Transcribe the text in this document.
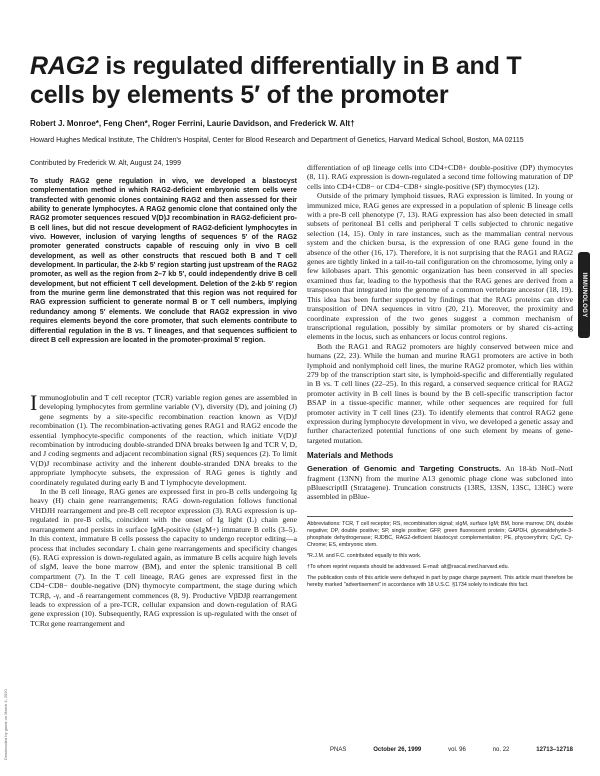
RAG2 is regulated differentially in B and T cells by elements 5′ of the promoter
Robert J. Monroe*, Feng Chen*, Roger Ferrini, Laurie Davidson, and Frederick W. Alt†
Howard Hughes Medical Institute, The Children's Hospital, Center for Blood Research and Department of Genetics, Harvard Medical School, Boston, MA 02115
Contributed by Frederick W. Alt, August 24, 1999

To study RAG2 gene regulation in vivo, we developed a blastocyst complementation method in which RAG2-deficient embryonic stem cells were transfected with genomic clones containing RAG2 and then assessed for their ability to generate lymphocytes. A RAG2 genomic clone that contained only the RAG2 promoter sequences rescued V(D)J recombination in RAG2-deficient pro-B cell lines, but did not rescue development of RAG2-deficient lymphocytes in vivo. However, inclusion of varying lengths of sequences 5′ of the RAG2 promoter generated constructs capable of rescuing only in vivo B cell development, as well as other constructs that rescued both B and T cell development. In particular, the 2-kb 5′ region starting just upstream of the RAG2 promoter, as well as the region from 2–7 kb 5′, could independently drive B cell development, but not efficient T cell development. Deletion of the 2-kb 5′ region from the murine germ line demonstrated that this region was not required for RAG expression sufficient to generate normal B or T cell numbers, implying redundancy among 5′ elements. We conclude that RAG2 expression in vivo requires elements beyond the core promoter, that such elements contribute to differential regulation in the B vs. T lineages, and that sequences sufficient to direct B cell expression are located in the promoter-proximal 5′ region.

Immunoglobulin and T cell receptor (TCR) variable region genes are assembled in developing lymphocytes from germline variable (V), diversity (D), and joining (J) gene segments by a site-specific recombination reaction known as V(D)J recombination (1). The recombination-activating genes RAG1 and RAG2 encode the essential lymphocyte-specific components of the reaction, which initiate V(D)J recombination by introducing double-stranded DNA breaks between Ig and TCR V, D, and J coding segments and adjacent recombination signal (RS) sequences (2). To limit V(D)J recombinase activity and the inherent double-stranded DNA breaks to the appropriate lymphocyte subsets, the expression of RAG genes is tightly and coordinately regulated during early B and T lymphocyte development.

In the B cell lineage, RAG genes are expressed first in pro-B cells undergoing Ig heavy (H) chain gene rearrangements; RAG down-regulation follows functional VHDJH rearrangement and pre-B cell receptor expression (3). RAG expression is up-regulated in pre-B cells, coincident with the onset of Ig light (L) chain gene rearrangement and persists in surface IgM-positive (sIgM+) immature B cells (3–5). In this context, immature B cells possess the capacity to undergo receptor editing—a process that includes secondary L chain gene rearrangements and specificity changes (6). RAG expression is down-regulated again, as immature B cells acquire high levels of sIgM, leave the bone marrow (BM), and enter the splenic transitional B cell compartment (7). In the T cell lineage, RAG genes are expressed first in the CD4−CD8− double-negative (DN) thymocyte compartment, the stage during which TCRβ, -γ, and -δ rearrangement commences (8, 9). Productive VβDJβ rearrangement leads to expression of a pre-TCR, cellular expansion and down-regulation of RAG gene expression (10). Subsequently, RAG expression is up-regulated with the onset of TCRα gene rearrangement and

differentiation of αβ lineage cells into CD4+CD8+ double-positive (DP) thymocytes (8, 11). RAG expression is down-regulated a second time following maturation of DP cells into CD4+CD8− or CD4−CD8+ single-positive (SP) thymocytes (12).

Outside of the primary lymphoid tissues, RAG expression is limited. In young or immunized mice, RAG genes are expressed in a population of splenic B lineage cells with a pre-B cell phenotype (7, 13). RAG expression has also been detected in small subsets of peritoneal B1 cells and peripheral T cells subjected to chronic negative selection (14, 15). Only in rare instances, such as the mammalian central nervous system and the chicken bursa, is the expression of one RAG gene found in the absence of the other (16, 17). Therefore, it is not surprising that the RAG1 and RAG2 genes are tightly linked in a tail-to-tail configuration on the chromosome, lying only a few kilobases apart. This genomic organization has been conserved in all species examined thus far, leading to the hypothesis that the RAG genes are derived from a transposon that integrated into the genome of a common vertebrate ancestor (18, 19). This idea has been further supported by findings that the RAG proteins can drive transposition of DNA sequences in vitro (20, 21). Moreover, the proximity and coordinate expression of the two genes suggest a common mechanism of transcriptional regulation, possibly by similar promoters or by shared cis-acting elements in the locus, such as enhancers or locus control regions.

Both the RAG1 and RAG2 promoters are highly conserved between mice and humans (22, 23). While the human and murine RAG1 promoters are active in both lymphoid and nonlymphoid cell lines, the murine RAG2 promoter, which lies within 279 bp of the transcription start site, is lymphoid-specific and differentially regulated in B vs. T cell lines (22–25). In this regard, a conserved sequence critical for RAG2 promoter activity in B cell lines is bound by the B cell-specific transcription factor BSAP in a tissue-specific manner, while other sequences are required for full promoter activity in T cell lines (23). To identify elements that control RAG2 gene expression during lymphocyte development in vivo, we developed a genetic assay and further characterized potential functions of one such element by means of gene-targeted mutation.

Materials and Methods

Generation of Genomic and Targeting Constructs. An 18-kb NotI–NotI fragment (13NN) from the murine A13 genomic phage clone was subcloned into pBluescriptII (Stratagene). Truncation constructs (13RS, 13SN, 13SC, 13HC) were assembled in pBlue-

Abbreviations: TCR, T cell receptor; RS, recombination signal; sIgM, surface IgM; BM, bone marrow; DN, double negative; DP, double positive; SP, single positive; GFP, green fluorescent protein; GAPDH, glyceraldehyde-3-phosphate dehydrogenase; RJDBC, RAG2-deficient blastocyst complementation; PE, phycoerythrin; CyC, Cy-Chrome; ES, embryonic stem.

*R.J.M. and F.C. contributed equally to this work.

†To whom reprint requests should be addressed. E-mail: alt@rascal.med.harvard.edu.

The publication costs of this article were defrayed in part by page charge payment. This article must therefore be hereby marked "advertisement" in accordance with 18 U.S.C. §1734 solely to indicate this fact.

IMMUNOLOGY
Downloaded by guest on March 4, 2020	PNAS	October 26, 1999	vol. 96	no. 22	12713–12718
